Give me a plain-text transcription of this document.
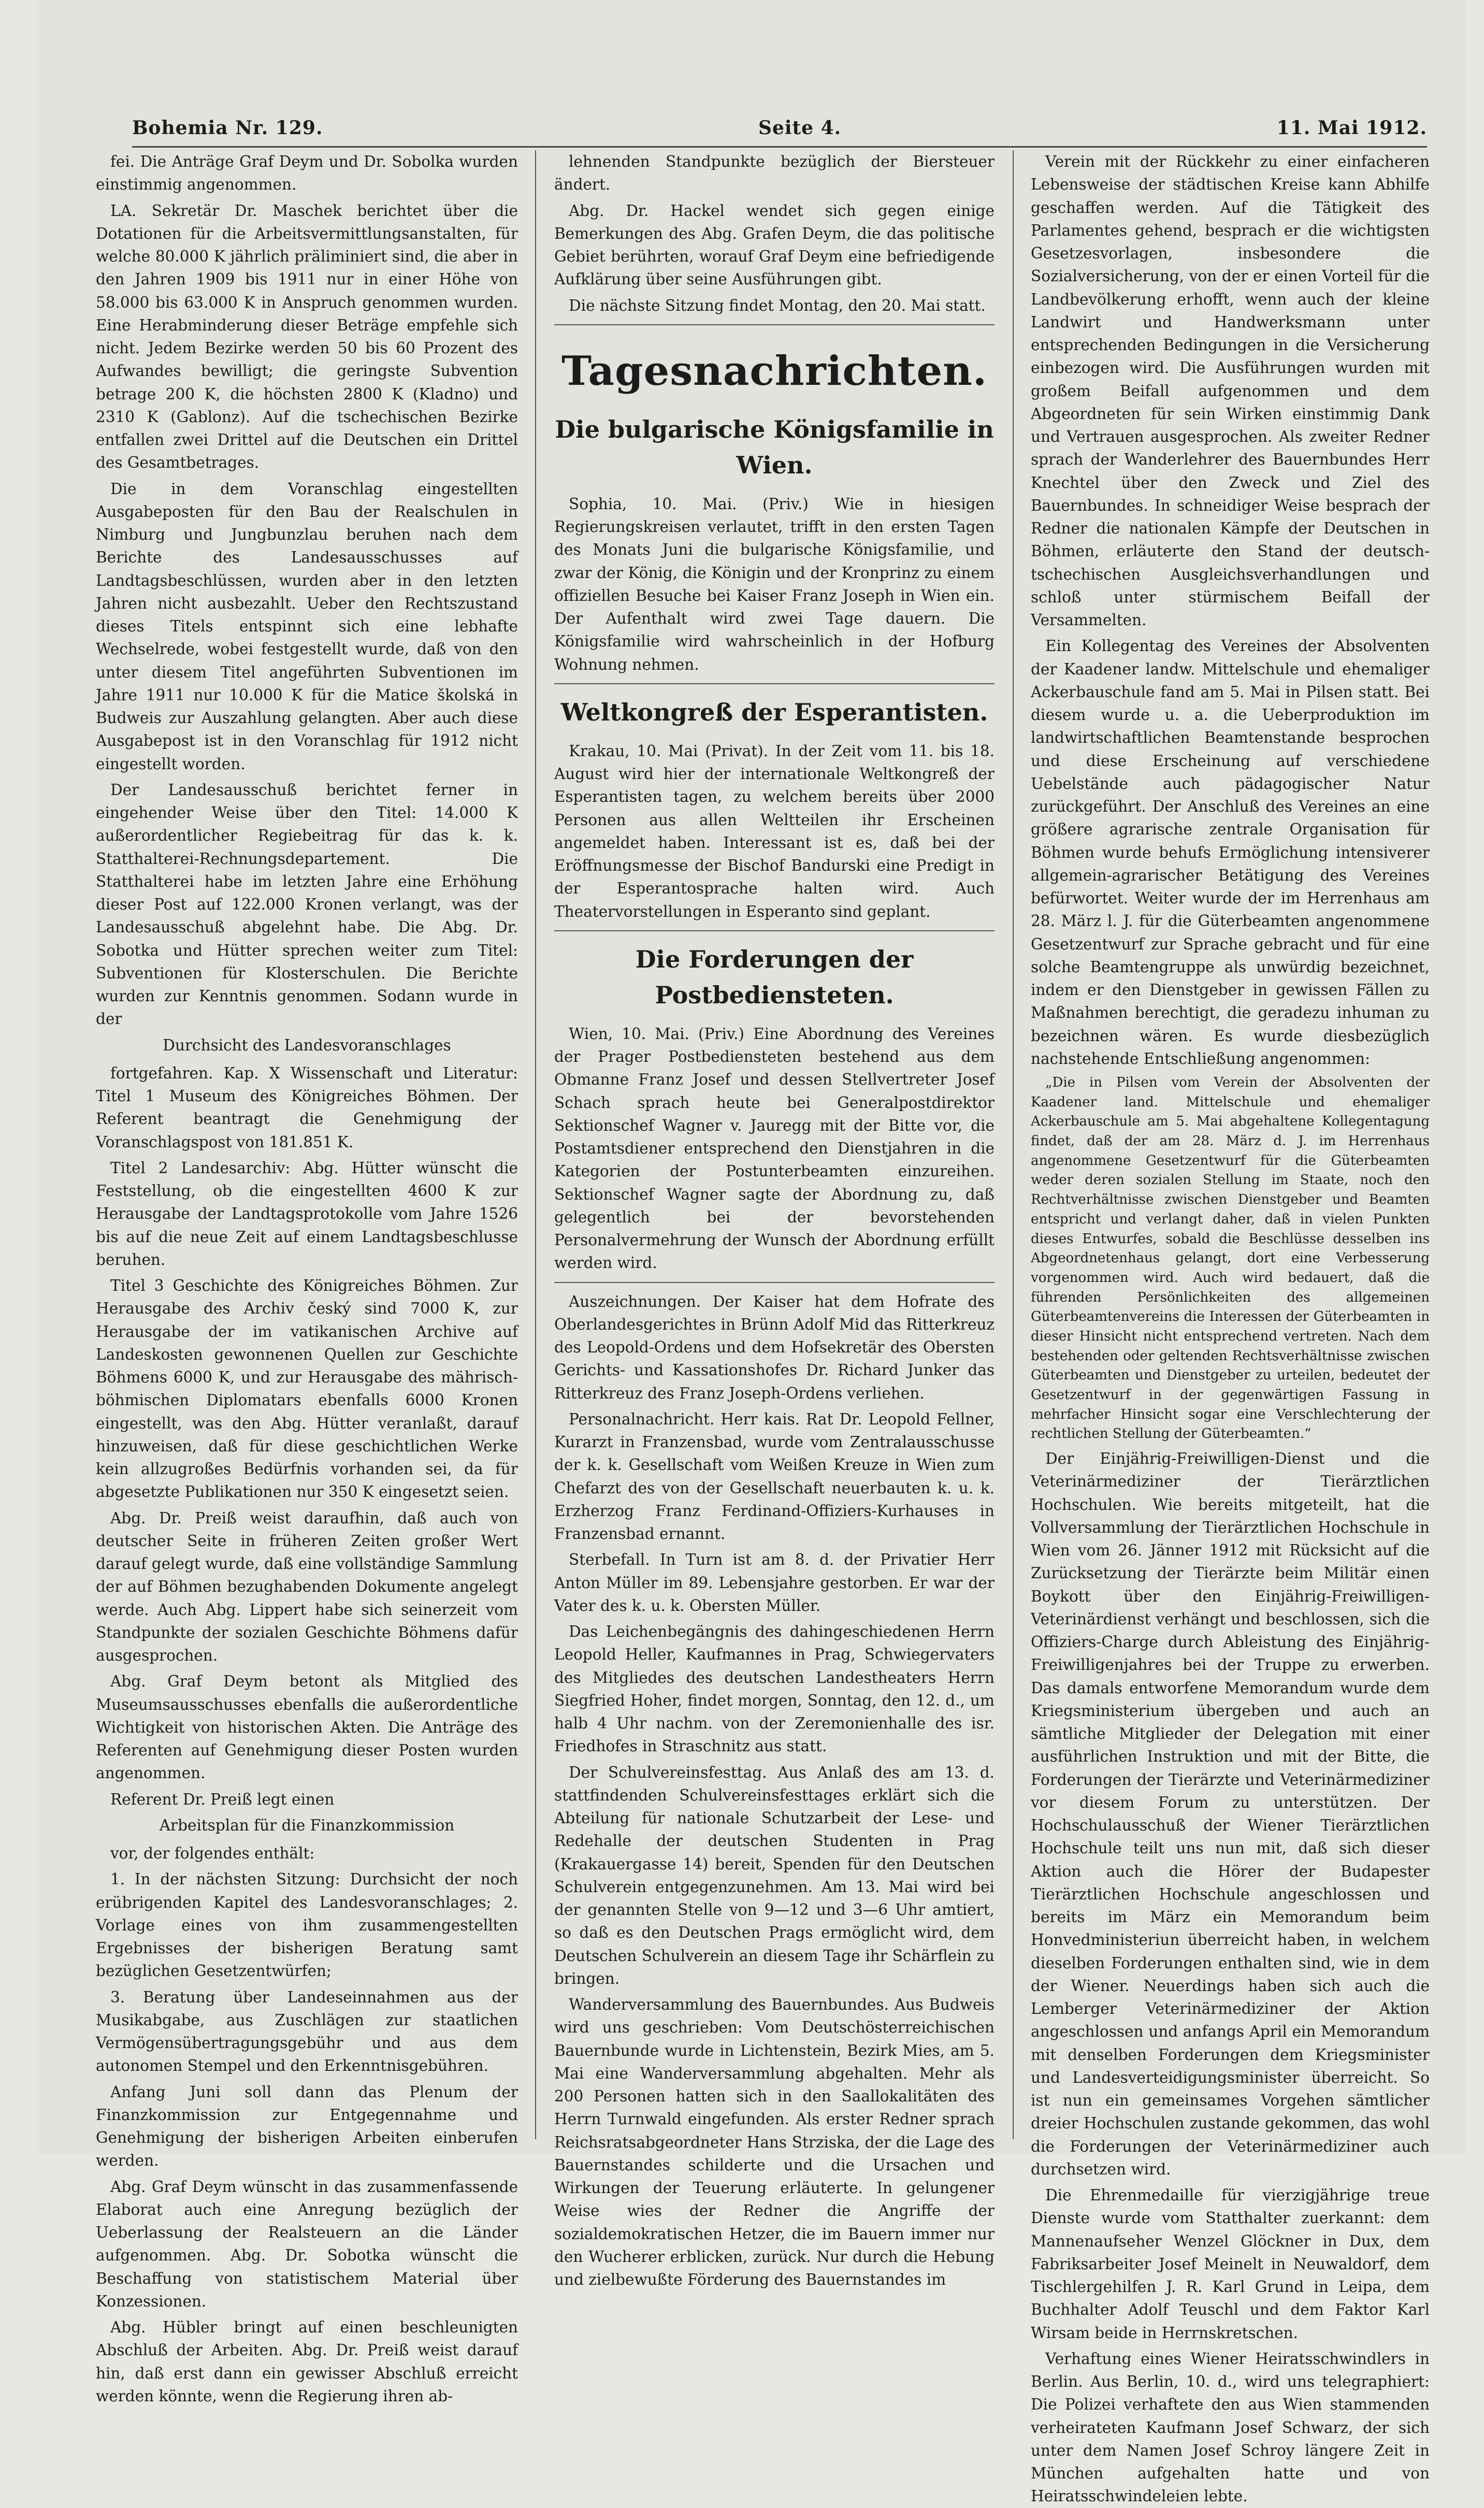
Bohemia Nr. 129.	Seite 4.	11. Mai 1912.

fei. Die Anträge Graf Deym und Dr. Sobolka wurden einstimmig angenommen.

LA. Sekretär Dr. Maschek berichtet über die Dotationen für die Arbeitsvermittlungsanstalten, für welche 80.000 K jährlich präliminiert sind, die aber in den Jahren 1909 bis 1911 nur in einer Höhe von 58.000 bis 63.000 K in Anspruch genommen wurden. Eine Herabminderung dieser Beträge empfehle sich nicht. Jedem Bezirke werden 50 bis 60 Prozent des Aufwandes bewilligt; die geringste Subvention betrage 200 K, die höchsten 2800 K (Kladno) und 2310 K (Gablonz). Auf die tschechischen Bezirke entfallen zwei Drittel auf die Deutschen ein Drittel des Gesamtbetrages.

Die in dem Voranschlag eingestellten Ausgabeposten für den Bau der Realschulen in Nimburg und Jungbunzlau beruhen nach dem Berichte des Landesausschusses auf Landtagsbeschlüssen, wurden aber in den letzten Jahren nicht ausbezahlt. Ueber den Rechtszustand dieses Titels entspinnt sich eine lebhafte Wechselrede, wobei festgestellt wurde, daß von den unter diesem Titel angeführten Subventionen im Jahre 1911 nur 10.000 K für die Matice školská in Budweis zur Auszahlung gelangten. Aber auch diese Ausgabepost ist in den Voranschlag für 1912 nicht eingestellt worden.

Der Landesausschuß berichtet ferner in eingehender Weise über den Titel: 14.000 K außerordentlicher Regiebeitrag für das k. k. Statthalterei-Rechnungsdepartement. Die Statthalterei habe im letzten Jahre eine Erhöhung dieser Post auf 122.000 Kronen verlangt, was der Landesausschuß abgelehnt habe. Die Abg. Dr. Sobotka und Hütter sprechen weiter zum Titel: Subventionen für Klosterschulen. Die Berichte wurden zur Kenntnis genommen. Sodann wurde in der

Durchsicht des Landesvoranschlages

fortgefahren. Kap. X Wissenschaft und Literatur: Titel 1 Museum des Königreiches Böhmen. Der Referent beantragt die Genehmigung der Voranschlagspost von 181.851 K.

Titel 2 Landesarchiv: Abg. Hütter wünscht die Feststellung, ob die eingestellten 4600 K zur Herausgabe der Landtagsprotokolle vom Jahre 1526 bis auf die neue Zeit auf einem Landtagsbeschlusse beruhen.

Titel 3 Geschichte des Königreiches Böhmen. Zur Herausgabe des Archiv český sind 7000 K, zur Herausgabe der im vatikanischen Archive auf Landeskosten gewonnenen Quellen zur Geschichte Böhmens 6000 K, und zur Herausgabe des mährisch-böhmischen Diplomatars ebenfalls 6000 Kronen eingestellt, was den Abg. Hütter veranlaßt, darauf hinzuweisen, daß für diese geschichtlichen Werke kein allzugroßes Bedürfnis vorhanden sei, da für abgesetzte Publikationen nur 350 K eingesetzt seien.

Abg. Dr. Preiß weist daraufhin, daß auch von deutscher Seite in früheren Zeiten großer Wert darauf gelegt wurde, daß eine vollständige Sammlung der auf Böhmen bezughabenden Dokumente angelegt werde. Auch Abg. Lippert habe sich seinerzeit vom Standpunkte der sozialen Geschichte Böhmens dafür ausgesprochen.

Abg. Graf Deym betont als Mitglied des Museumsausschusses ebenfalls die außerordentliche Wichtigkeit von historischen Akten. Die Anträge des Referenten auf Genehmigung dieser Posten wurden angenommen.

Referent Dr. Preiß legt einen

Arbeitsplan für die Finanzkommission

vor, der folgendes enthält:

1. In der nächsten Sitzung: Durchsicht der noch erübrigenden Kapitel des Landesvoranschlages; 2. Vorlage eines von ihm zusammengestellten Ergebnisses der bisherigen Beratung samt bezüglichen Gesetzentwürfen;

3. Beratung über Landeseinnahmen aus der Musikabgabe, aus Zuschlägen zur staatlichen Vermögensübertragungsgebühr und aus dem autonomen Stempel und den Erkenntnisgebühren.

Anfang Juni soll dann das Plenum der Finanzkommission zur Entgegennahme und Genehmigung der bisherigen Arbeiten einberufen werden.

Abg. Graf Deym wünscht in das zusammenfassende Elaborat auch eine Anregung bezüglich der Ueberlassung der Realsteuern an die Länder aufgenommen. Abg. Dr. Sobotka wünscht die Beschaffung von statistischem Material über Konzessionen.

Abg. Hübler bringt auf einen beschleunigten Abschluß der Arbeiten. Abg. Dr. Preiß weist darauf hin, daß erst dann ein gewisser Abschluß erreicht werden könnte, wenn die Regierung ihren ab-

lehnenden Standpunkte bezüglich der Biersteuer ändert.

Abg. Dr. Hackel wendet sich gegen einige Bemerkungen des Abg. Grafen Deym, die das politische Gebiet berührten, worauf Graf Deym eine befriedigende Aufklärung über seine Ausführungen gibt.

Die nächste Sitzung findet Montag, den 20. Mai statt.

Tagesnachrichten.

Die bulgarische Königsfamilie in Wien.

Sophia, 10. Mai. (Priv.) Wie in hiesigen Regierungskreisen verlautet, trifft in den ersten Tagen des Monats Juni die bulgarische Königsfamilie, und zwar der König, die Königin und der Kronprinz zu einem offiziellen Besuche bei Kaiser Franz Joseph in Wien ein. Der Aufenthalt wird zwei Tage dauern. Die Königsfamilie wird wahrscheinlich in der Hofburg Wohnung nehmen.

Weltkongreß der Esperantisten.

Krakau, 10. Mai (Privat). In der Zeit vom 11. bis 18. August wird hier der internationale Weltkongreß der Esperantisten tagen, zu welchem bereits über 2000 Personen aus allen Weltteilen ihr Erscheinen angemeldet haben. Interessant ist es, daß bei der Eröffnungsmesse der Bischof Bandurski eine Predigt in der Esperantosprache halten wird. Auch Theatervorstellungen in Esperanto sind geplant.

Die Forderungen der Postbediensteten.

Wien, 10. Mai. (Priv.) Eine Abordnung des Vereines der Prager Postbediensteten bestehend aus dem Obmanne Franz Josef und dessen Stellvertreter Josef Schach sprach heute bei Generalpostdirektor Sektionschef Wagner v. Jauregg mit der Bitte vor, die Postamtsdiener entsprechend den Dienstjahren in die Kategorien der Postunterbeamten einzureihen. Sektionschef Wagner sagte der Abordnung zu, daß gelegentlich bei der bevorstehenden Personalvermehrung der Wunsch der Abordnung erfüllt werden wird.

Auszeichnungen. Der Kaiser hat dem Hofrate des Oberlandesgerichtes in Brünn Adolf Mid das Ritterkreuz des Leopold-Ordens und dem Hofsekretär des Obersten Gerichts- und Kassationshofes Dr. Richard Junker das Ritterkreuz des Franz Joseph-Ordens verliehen.

Personalnachricht. Herr kais. Rat Dr. Leopold Fellner, Kurarzt in Franzensbad, wurde vom Zentralausschusse der k. k. Gesellschaft vom Weißen Kreuze in Wien zum Chefarzt des von der Gesellschaft neuerbauten k. u. k. Erzherzog Franz Ferdinand-Offiziers-Kurhauses in Franzensbad ernannt.

Sterbefall. In Turn ist am 8. d. der Privatier Herr Anton Müller im 89. Lebensjahre gestorben. Er war der Vater des k. u. k. Obersten Müller.

Das Leichenbegängnis des dahingeschiedenen Herrn Leopold Heller, Kaufmannes in Prag, Schwiegervaters des Mitgliedes des deutschen Landestheaters Herrn Siegfried Hoher, findet morgen, Sonntag, den 12. d., um halb 4 Uhr nachm. von der Zeremonienhalle des isr. Friedhofes in Straschnitz aus statt.

Der Schulvereinsfesttag. Aus Anlaß des am 13. d. stattfindenden Schulvereinsfesttages erklärt sich die Abteilung für nationale Schutzarbeit der Lese- und Redehalle der deutschen Studenten in Prag (Krakauergasse 14) bereit, Spenden für den Deutschen Schulverein entgegenzunehmen. Am 13. Mai wird bei der genannten Stelle von 9—12 und 3—6 Uhr amtiert, so daß es den Deutschen Prags ermöglicht wird, dem Deutschen Schulverein an diesem Tage ihr Schärflein zu bringen.

Wanderversammlung des Bauernbundes. Aus Budweis wird uns geschrieben: Vom Deutschösterreichischen Bauernbunde wurde in Lichtenstein, Bezirk Mies, am 5. Mai eine Wanderversammlung abgehalten. Mehr als 200 Personen hatten sich in den Saallokalitäten des Herrn Turnwald eingefunden. Als erster Redner sprach Reichsratsabgeordneter Hans Strziska, der die Lage des Bauernstandes schilderte und die Ursachen und Wirkungen der Teuerung erläuterte. In gelungener Weise wies der Redner die Angriffe der sozialdemokratischen Hetzer, die im Bauern immer nur den Wucherer erblicken, zurück. Nur durch die Hebung und zielbewußte Förderung des Bauernstandes im

Verein mit der Rückkehr zu einer einfacheren Lebensweise der städtischen Kreise kann Abhilfe geschaffen werden. Auf die Tätigkeit des Parlamentes gehend, besprach er die wichtigsten Gesetzesvorlagen, insbesondere die Sozialversicherung, von der er einen Vorteil für die Landbevölkerung erhofft, wenn auch der kleine Landwirt und Handwerksmann unter entsprechenden Bedingungen in die Versicherung einbezogen wird. Die Ausführungen wurden mit großem Beifall aufgenommen und dem Abgeordneten für sein Wirken einstimmig Dank und Vertrauen ausgesprochen. Als zweiter Redner sprach der Wanderlehrer des Bauernbundes Herr Knechtel über den Zweck und Ziel des Bauernbundes. In schneidiger Weise besprach der Redner die nationalen Kämpfe der Deutschen in Böhmen, erläuterte den Stand der deutsch-tschechischen Ausgleichsverhandlungen und schloß unter stürmischem Beifall der Versammelten.

Ein Kollegentag des Vereines der Absolventen der Kaadener landw. Mittelschule und ehemaliger Ackerbauschule fand am 5. Mai in Pilsen statt. Bei diesem wurde u. a. die Ueberproduktion im landwirtschaftlichen Beamtenstande besprochen und diese Erscheinung auf verschiedene Uebelstände auch pädagogischer Natur zurückgeführt. Der Anschluß des Vereines an eine größere agrarische zentrale Organisation für Böhmen wurde behufs Ermöglichung intensiverer allgemein-agrarischer Betätigung des Vereines befürwortet. Weiter wurde der im Herrenhaus am 28. März l. J. für die Güterbeamten angenommene Gesetzentwurf zur Sprache gebracht und für eine solche Beamtengruppe als unwürdig bezeichnet, indem er den Dienstgeber in gewissen Fällen zu Maßnahmen berechtigt, die geradezu inhuman zu bezeichnen wären. Es wurde diesbezüglich nachstehende Entschließung angenommen:

„Die in Pilsen vom Verein der Absolventen der Kaadener land. Mittelschule und ehemaliger Ackerbauschule am 5. Mai abgehaltene Kollegentagung findet, daß der am 28. März d. J. im Herrenhaus angenommene Gesetzentwurf für die Güterbeamten weder deren sozialen Stellung im Staate, noch den Rechtverhältnisse zwischen Dienstgeber und Beamten entspricht und verlangt daher, daß in vielen Punkten dieses Entwurfes, sobald die Beschlüsse desselben ins Abgeordnetenhaus gelangt, dort eine Verbesserung vorgenommen wird. Auch wird bedauert, daß die führenden Persönlichkeiten des allgemeinen Güterbeamtenvereins die Interessen der Güterbeamten in dieser Hinsicht nicht entsprechend vertreten. Nach dem bestehenden oder geltenden Rechtsverhältnisse zwischen Güterbeamten und Dienstgeber zu urteilen, bedeutet der Gesetzentwurf in der gegenwärtigen Fassung in mehrfacher Hinsicht sogar eine Verschlechterung der rechtlichen Stellung der Güterbeamten.“

Der Einjährig-Freiwilligen-Dienst und die Veterinärmediziner der Tierärztlichen Hochschulen. Wie bereits mitgeteilt, hat die Vollversammlung der Tierärztlichen Hochschule in Wien vom 26. Jänner 1912 mit Rücksicht auf die Zurücksetzung der Tierärzte beim Militär einen Boykott über den Einjährig-Freiwilligen-Veterinärdienst verhängt und beschlossen, sich die Offiziers-Charge durch Ableistung des Einjährig-Freiwilligenjahres bei der Truppe zu erwerben. Das damals entworfene Memorandum wurde dem Kriegsministerium übergeben und auch an sämtliche Mitglieder der Delegation mit einer ausführlichen Instruktion und mit der Bitte, die Forderungen der Tierärzte und Veterinärmediziner vor diesem Forum zu unterstützen. Der Hochschulausschuß der Wiener Tierärztlichen Hochschule teilt uns nun mit, daß sich dieser Aktion auch die Hörer der Budapester Tierärztlichen Hochschule angeschlossen und bereits im März ein Memorandum beim Honvedministeriun überreicht haben, in welchem dieselben Forderungen enthalten sind, wie in dem der Wiener. Neuerdings haben sich auch die Lemberger Veterinärmediziner der Aktion angeschlossen und anfangs April ein Memorandum mit denselben Forderungen dem Kriegsminister und Landesverteidigungsminister überreicht. So ist nun ein gemeinsames Vorgehen sämtlicher dreier Hochschulen zustande gekommen, das wohl die Forderungen der Veterinärmediziner auch durchsetzen wird.

Die Ehrenmedaille für vierzigjährige treue Dienste wurde vom Statthalter zuerkannt: dem Mannenaufseher Wenzel Glöckner in Dux, dem Fabriksarbeiter Josef Meinelt in Neuwaldorf, dem Tischlergehilfen J. R. Karl Grund in Leipa, dem Buchhalter Adolf Teuschl und dem Faktor Karl Wirsam beide in Herrnskretschen.

Verhaftung eines Wiener Heiratsschwindlers in Berlin. Aus Berlin, 10. d., wird uns telegraphiert: Die Polizei verhaftete den aus Wien stammenden verheirateten Kaufmann Josef Schwarz, der sich unter dem Namen Josef Schroy längere Zeit in München aufgehalten hatte und von Heiratsschwindeleien lebte.
